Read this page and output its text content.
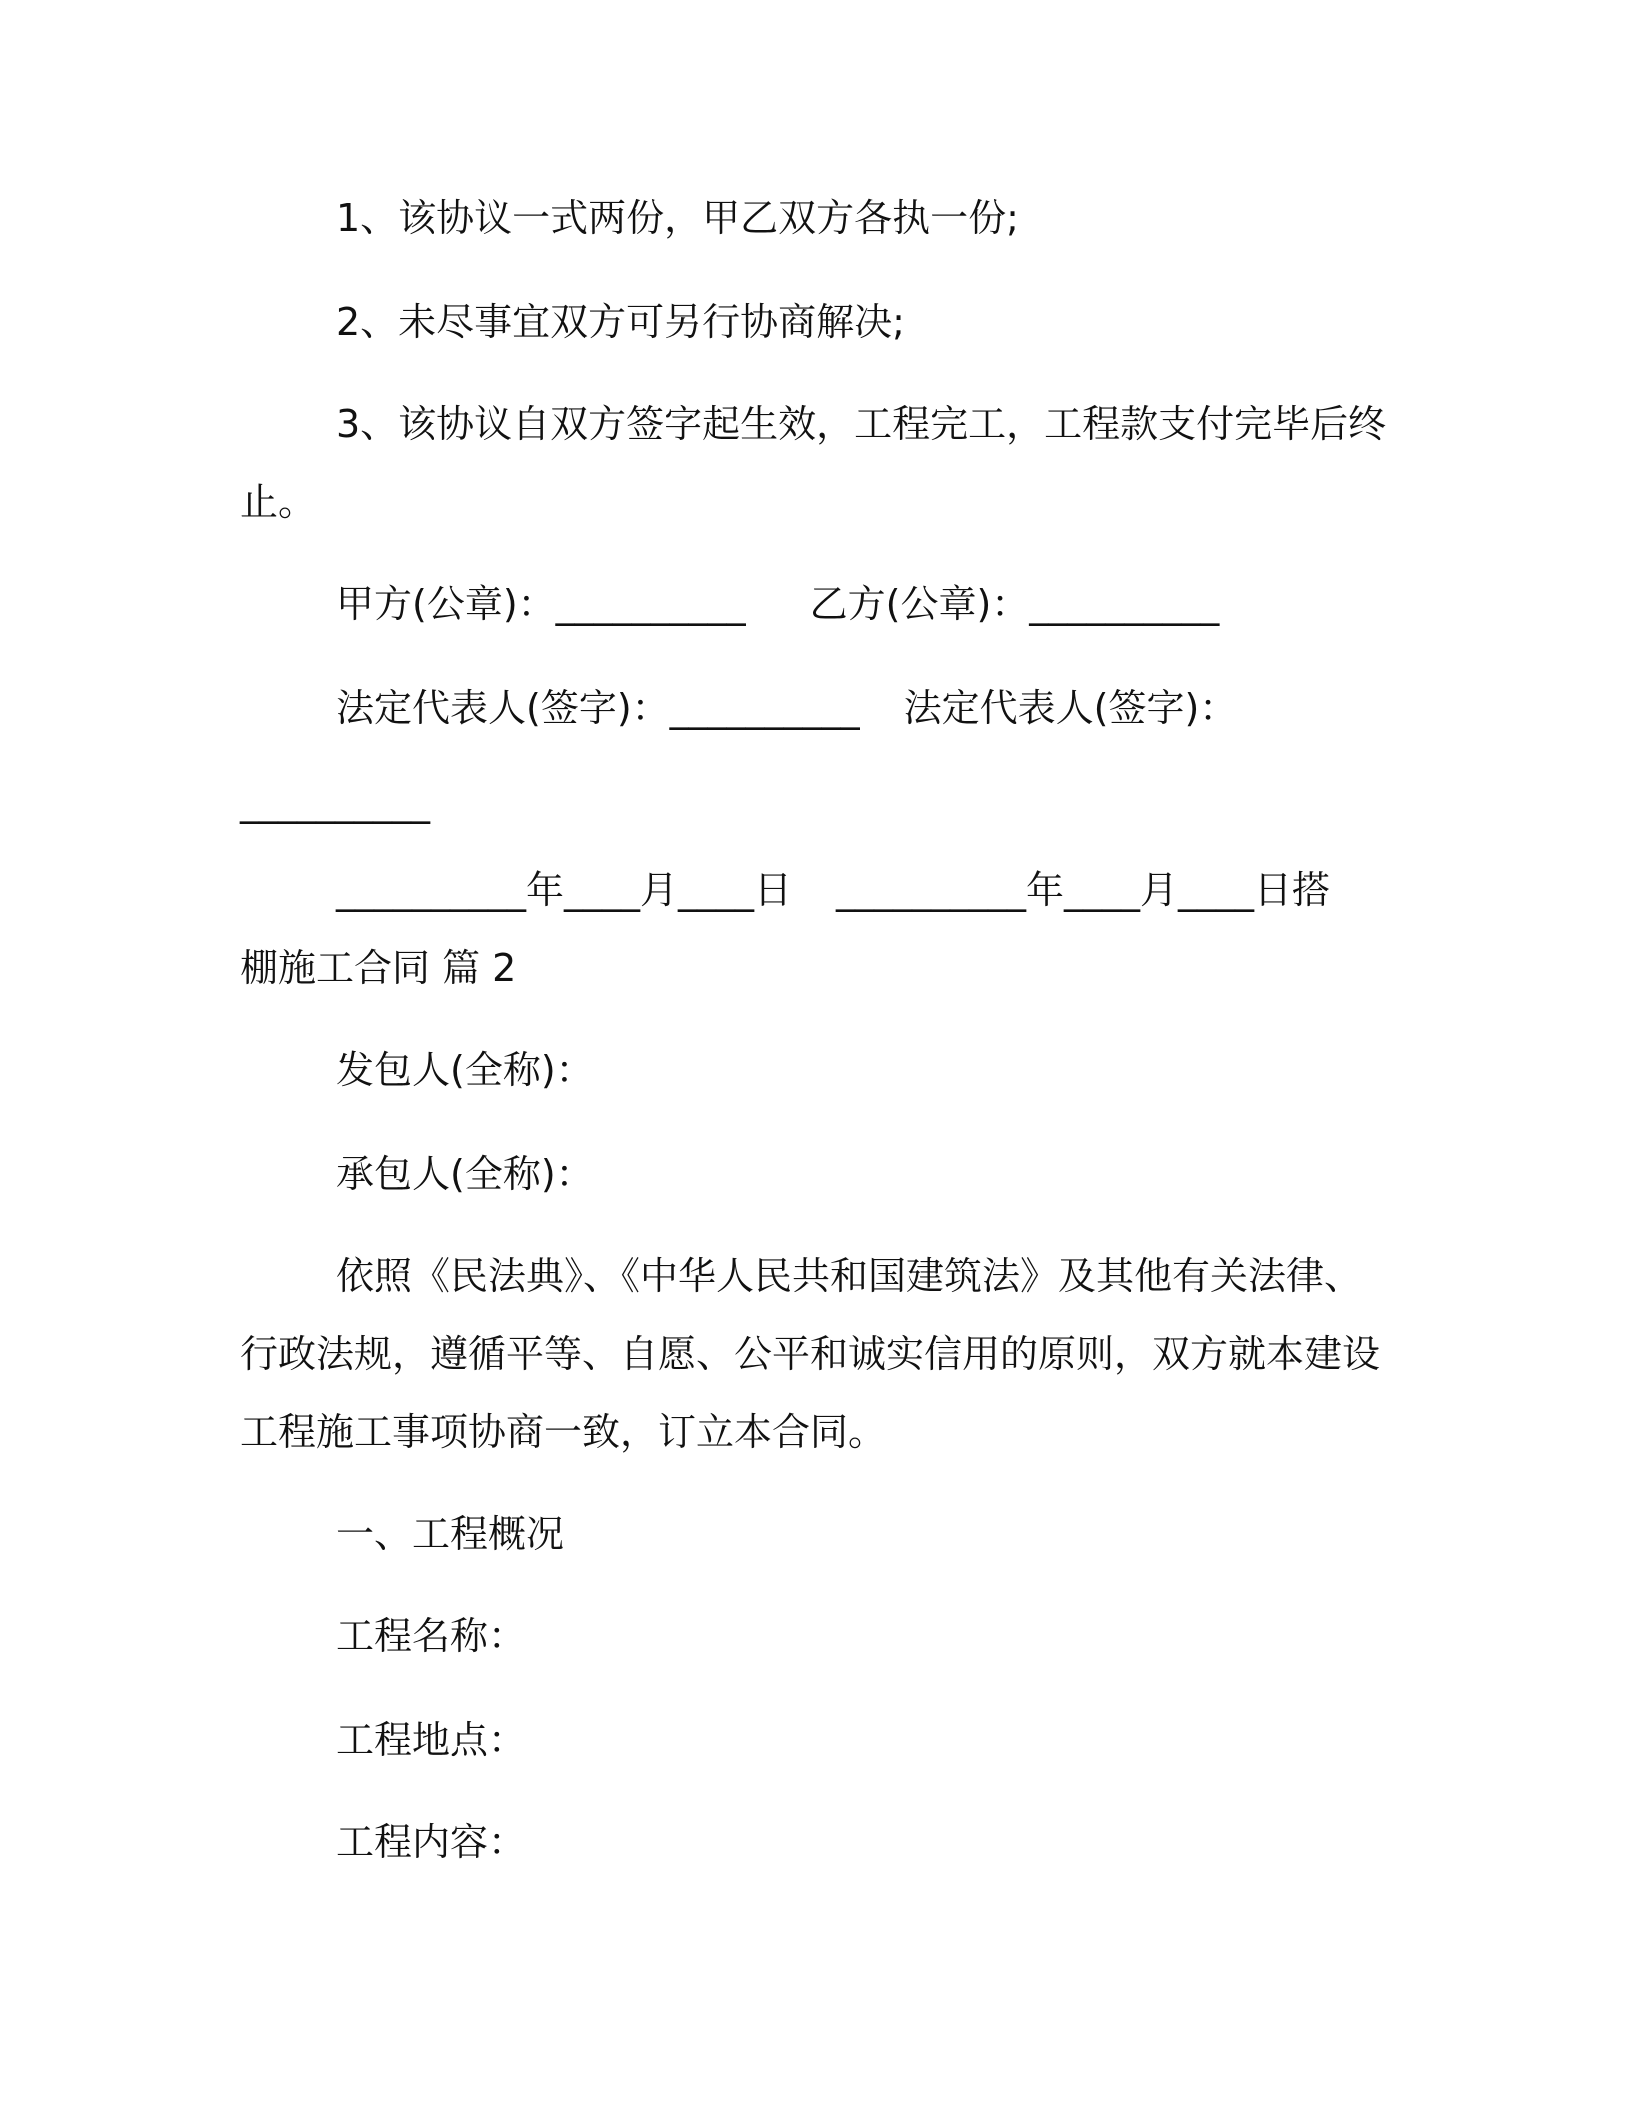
1、该协议一式两份，甲乙双方各执一份;
2、未尽事宜双方可另行协商解决;
3、该协议自双方签字起生效，工程完工，工程款支付完毕后终
止。
甲方(公章)：__________ 乙方(公章)：__________
法定代表人(签字)：__________ 法定代表人(签字)：
__________
__________年____月____日 __________年____月____日搭
棚施工合同 篇 2
发包人(全称)：
承包人(全称)：
依照《民法典》、《中华人民共和国建筑法》及其他有关法律、
行政法规，遵循平等、自愿、公平和诚实信用的原则，双方就本建设
工程施工事项协商一致，订立本合同。
一、工程概况
工程名称：
工程地点：
工程内容：
